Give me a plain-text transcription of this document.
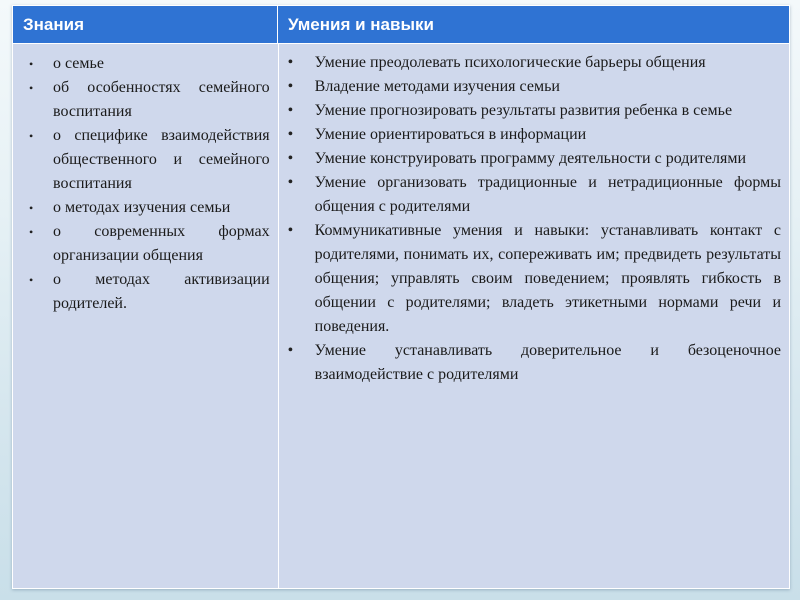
Знания	Умения и навыки
• о семье
• об особенностях семейного воспитания
• о специфике взаимодействия общественного и семейного воспитания
• о методах изучения семьи
• о современных формах организации общения
• о методах активизации родителей.
• Умение преодолевать психологические барьеры общения
• Владение методами изучения семьи
• Умение прогнозировать результаты развития ребенка в семье
• Умение ориентироваться в информации
• Умение конструировать программу деятельности с родителями
• Умение организовать традиционные и нетрадиционные формы общения с родителями
• Коммуникативные умения и навыки: устанавливать контакт с родителями, понимать их, сопереживать им; предвидеть результаты общения; управлять своим поведением; проявлять гибкость в общении с родителями; владеть этикетными нормами речи и поведения.
• Умение устанавливать доверительное и безоценочное взаимодействие с родителями
